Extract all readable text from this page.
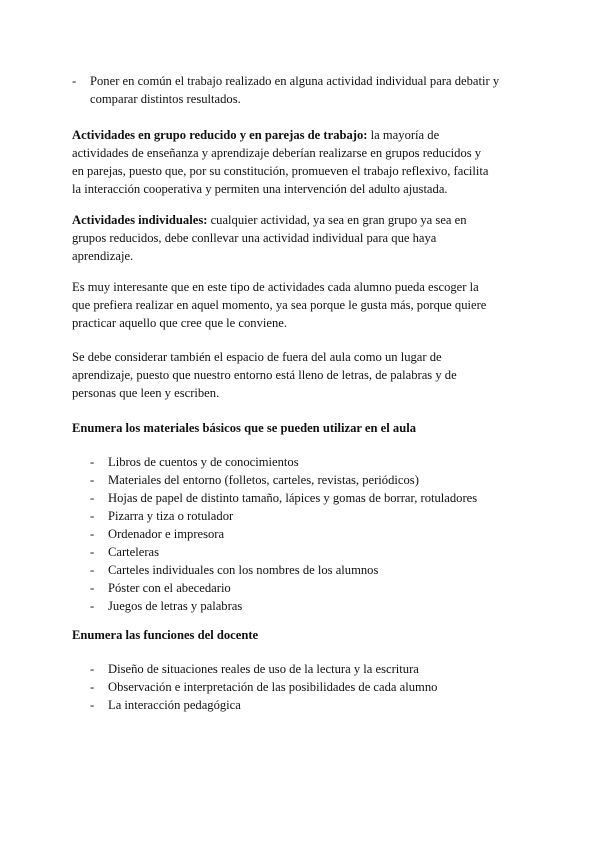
- Poner en común el trabajo realizado en alguna actividad individual para debatir y comparar distintos resultados.

Actividades en grupo reducido y en parejas de trabajo: la mayoría de actividades de enseñanza y aprendizaje deberían realizarse en grupos reducidos y en parejas, puesto que, por su constitución, promueven el trabajo reflexivo, facilita la interacción cooperativa y permiten una intervención del adulto ajustada.

Actividades individuales: cualquier actividad, ya sea en gran grupo ya sea en grupos reducidos, debe conllevar una actividad individual para que haya aprendizaje.

Es muy interesante que en este tipo de actividades cada alumno pueda escoger la que prefiera realizar en aquel momento, ya sea porque le gusta más, porque quiere practicar aquello que cree que le conviene.

Se debe considerar también el espacio de fuera del aula como un lugar de aprendizaje, puesto que nuestro entorno está lleno de letras, de palabras y de personas que leen y escriben.

Enumera los materiales básicos que se pueden utilizar en el aula

- Libros de cuentos y de conocimientos
- Materiales del entorno (folletos, carteles, revistas, periódicos)
- Hojas de papel de distinto tamaño, lápices y gomas de borrar, rotuladores
- Pizarra y tiza o rotulador
- Ordenador e impresora
- Carteleras
- Carteles individuales con los nombres de los alumnos
- Póster con el abecedario
- Juegos de letras y palabras

Enumera las funciones del docente

- Diseño de situaciones reales de uso de la lectura y la escritura
- Observación e interpretación de las posibilidades de cada alumno
- La interacción pedagógica
